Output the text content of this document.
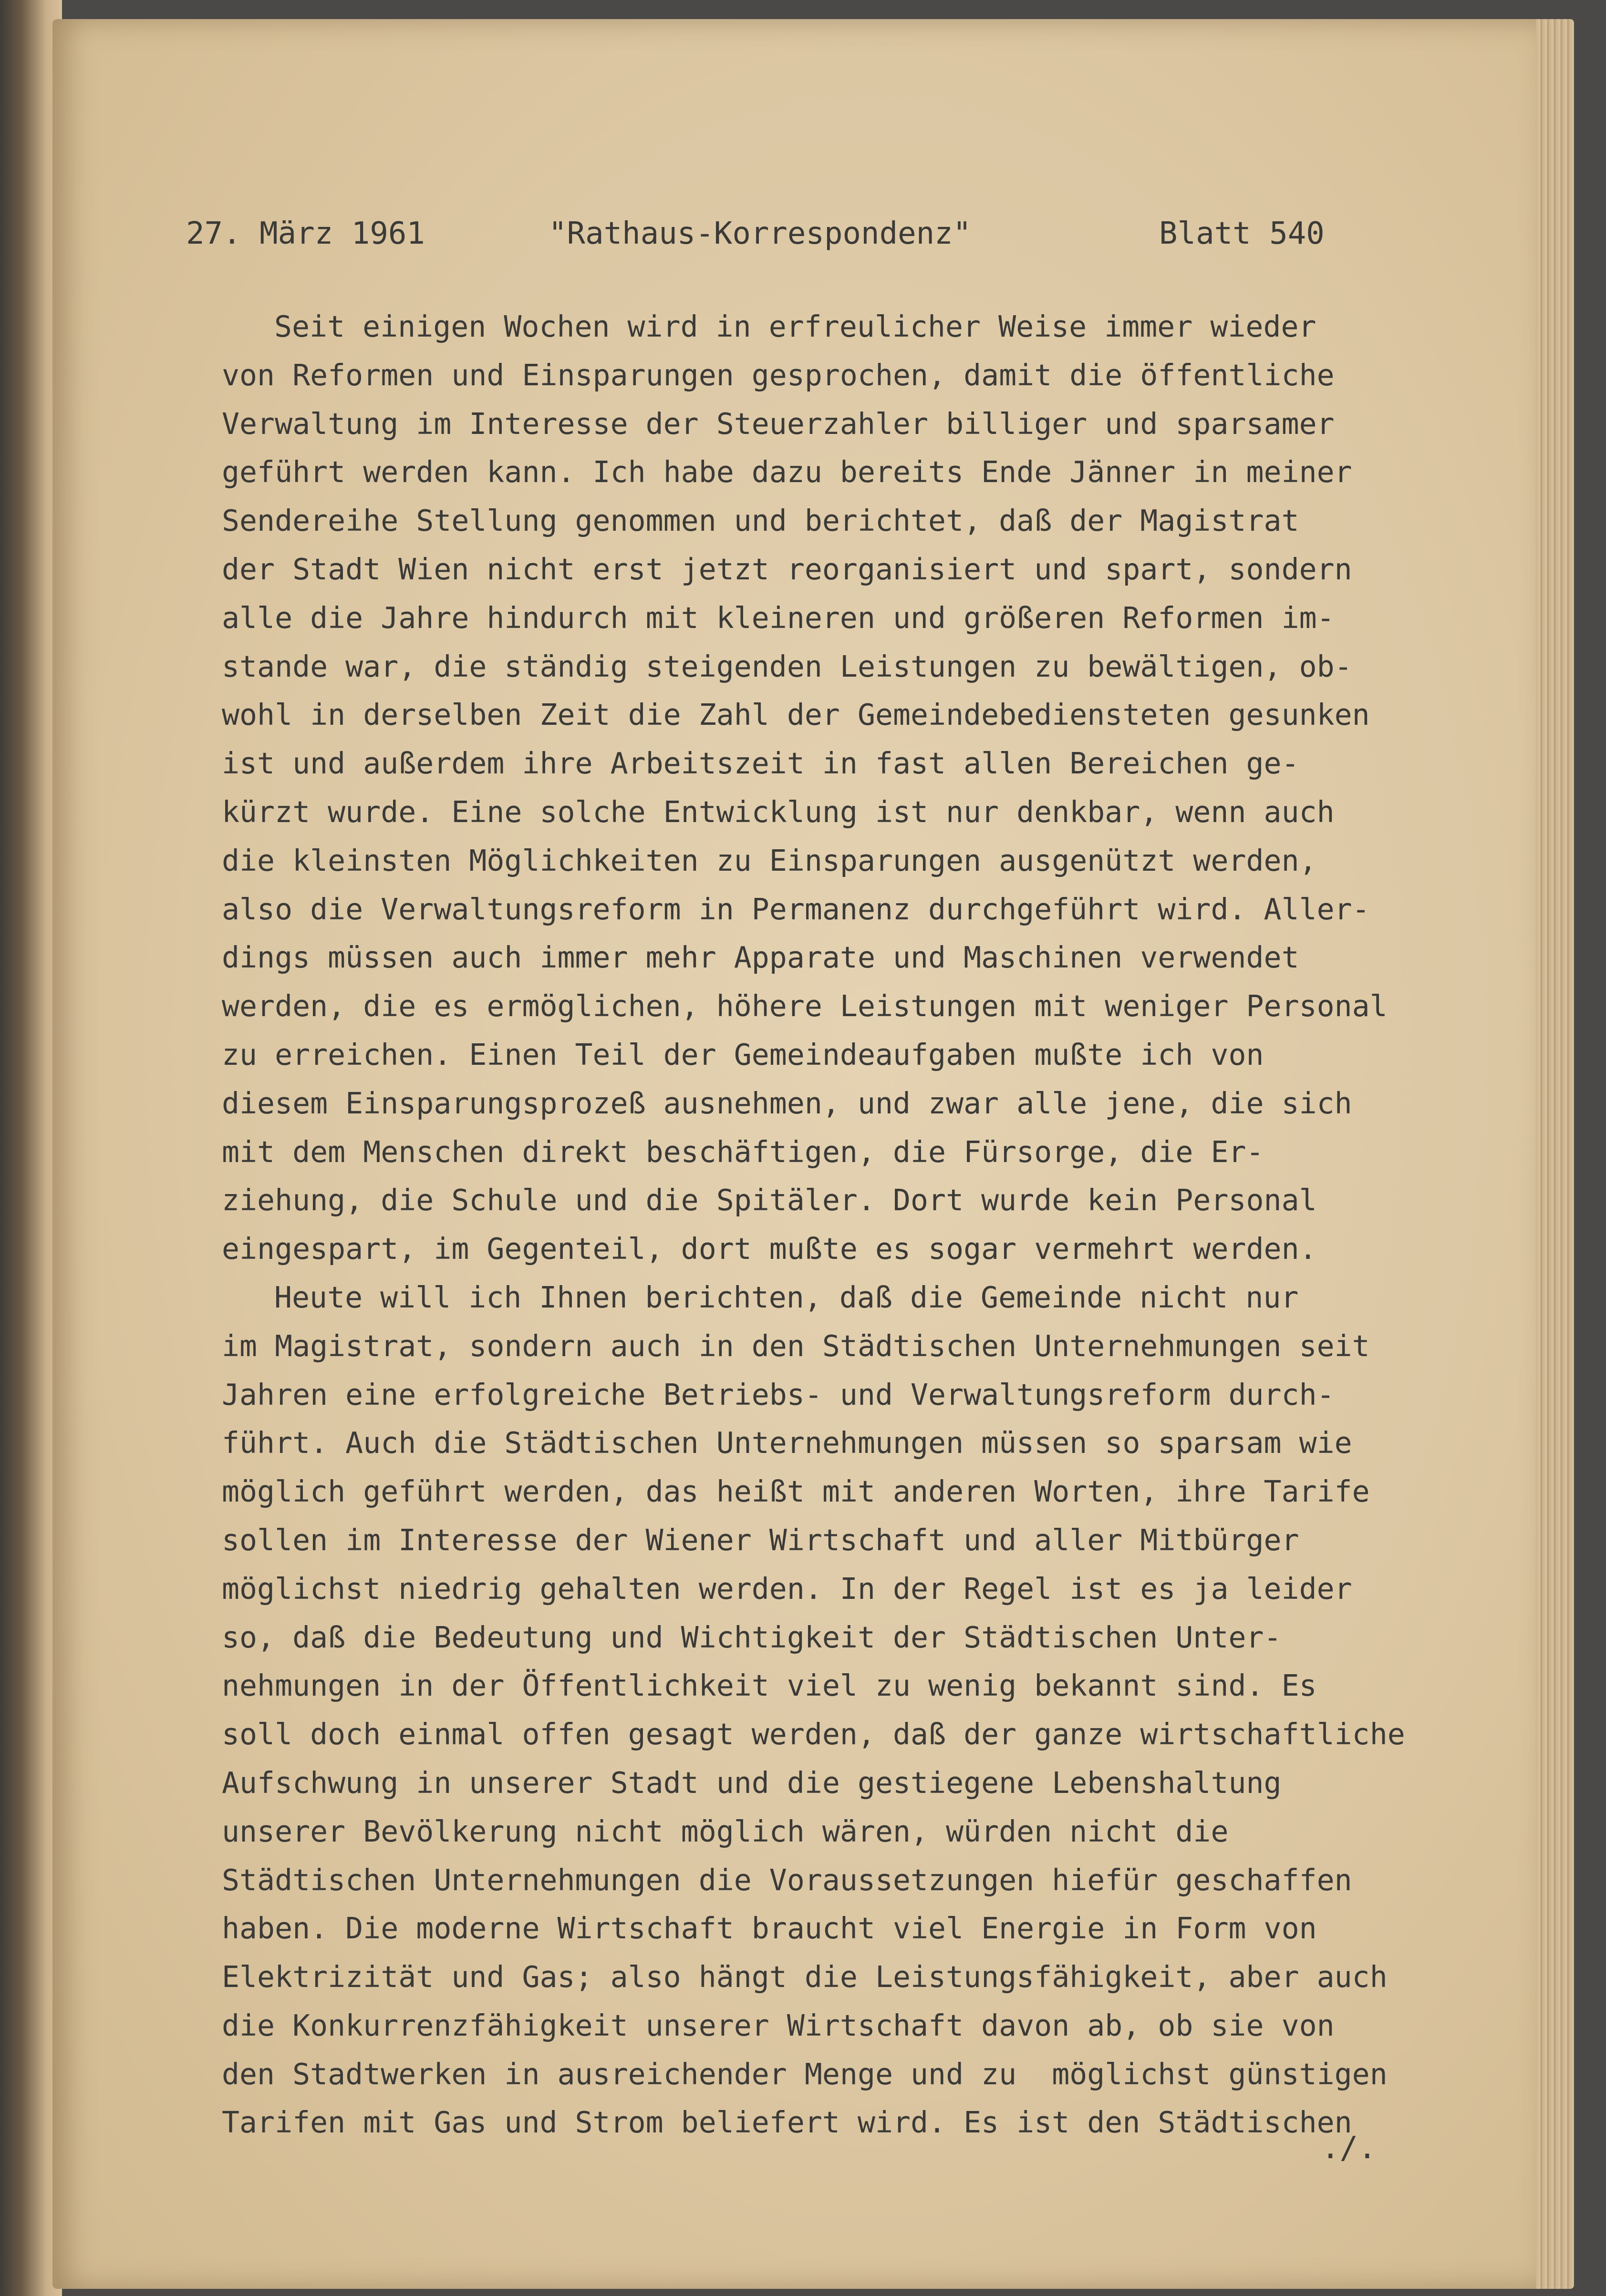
27. März 1961

	"Rathaus-Korrespondenz"

	Blatt 540

Seit einigen Wochen wird in erfreulicher Weise immer wieder
von Reformen und Einsparungen gesprochen, damit die öffentliche
Verwaltung im Interesse der Steuerzahler billiger und sparsamer
geführt werden kann. Ich habe dazu bereits Ende Jänner in meiner
Sendereihe Stellung genommen und berichtet, daß der Magistrat
der Stadt Wien nicht erst jetzt reorganisiert und spart, sondern
alle die Jahre hindurch mit kleineren und größeren Reformen im-
stande war, die ständig steigenden Leistungen zu bewältigen, ob-
wohl in derselben Zeit die Zahl der Gemeindebediensteten gesunken
ist und außerdem ihre Arbeitszeit in fast allen Bereichen ge-
kürzt wurde. Eine solche Entwicklung ist nur denkbar, wenn auch
die kleinsten Möglichkeiten zu Einsparungen ausgenützt werden,
also die Verwaltungsreform in Permanenz durchgeführt wird. Aller-
dings müssen auch immer mehr Apparate und Maschinen verwendet
werden, die es ermöglichen, höhere Leistungen mit weniger Personal
zu erreichen. Einen Teil der Gemeindeaufgaben mußte ich von
diesem Einsparungsprozeß ausnehmen, und zwar alle jene, die sich
mit dem Menschen direkt beschäftigen, die Fürsorge, die Er-
ziehung, die Schule und die Spitäler. Dort wurde kein Personal
eingespart, im Gegenteil, dort mußte es sogar vermehrt werden.
Heute will ich Ihnen berichten, daß die Gemeinde nicht nur
im Magistrat, sondern auch in den Städtischen Unternehmungen seit
Jahren eine erfolgreiche Betriebs- und Verwaltungsreform durch-
führt. Auch die Städtischen Unternehmungen müssen so sparsam wie
möglich geführt werden, das heißt mit anderen Worten, ihre Tarife
sollen im Interesse der Wiener Wirtschaft und aller Mitbürger
möglichst niedrig gehalten werden. In der Regel ist es ja leider
so, daß die Bedeutung und Wichtigkeit der Städtischen Unter-
nehmungen in der Öffentlichkeit viel zu wenig bekannt sind. Es
soll doch einmal offen gesagt werden, daß der ganze wirtschaftliche
Aufschwung in unserer Stadt und die gestiegene Lebenshaltung
unserer Bevölkerung nicht möglich wären, würden nicht die
Städtischen Unternehmungen die Voraussetzungen hiefür geschaffen
haben. Die moderne Wirtschaft braucht viel Energie in Form von
Elektrizität und Gas; also hängt die Leistungsfähigkeit, aber auch
die Konkurrenzfähigkeit unserer Wirtschaft davon ab, ob sie von
den Stadtwerken in ausreichender Menge und zu  möglichst günstigen
Tarifen mit Gas und Strom beliefert wird. Es ist den Städtischen
./.
